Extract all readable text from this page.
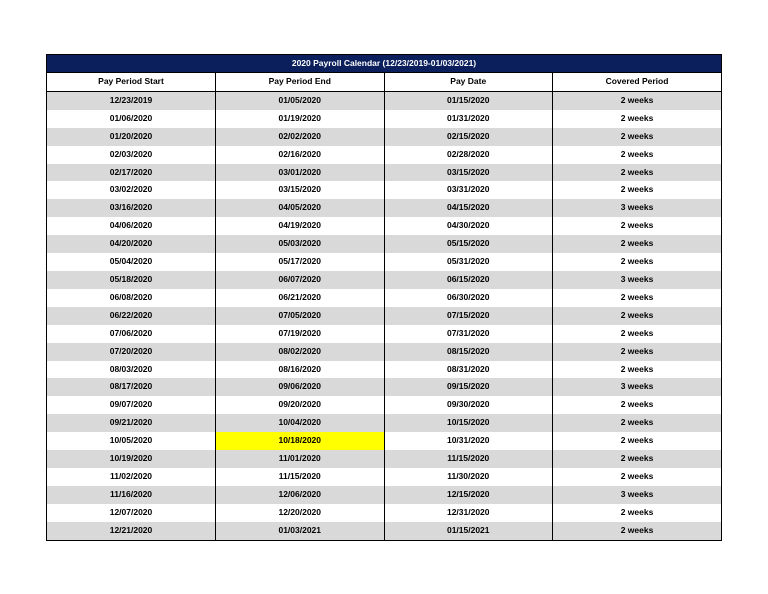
2020 Payroll Calendar (12/23/2019-01/03/2021)
Pay Period Start	Pay Period End	Pay Date	Covered Period
12/23/2019	01/05/2020	01/15/2020	2 weeks
01/06/2020	01/19/2020	01/31/2020	2 weeks
01/20/2020	02/02/2020	02/15/2020	2 weeks
02/03/2020	02/16/2020	02/28/2020	2 weeks
02/17/2020	03/01/2020	03/15/2020	2 weeks
03/02/2020	03/15/2020	03/31/2020	2 weeks
03/16/2020	04/05/2020	04/15/2020	3 weeks
04/06/2020	04/19/2020	04/30/2020	2 weeks
04/20/2020	05/03/2020	05/15/2020	2 weeks
05/04/2020	05/17/2020	05/31/2020	2 weeks
05/18/2020	06/07/2020	06/15/2020	3 weeks
06/08/2020	06/21/2020	06/30/2020	2 weeks
06/22/2020	07/05/2020	07/15/2020	2 weeks
07/06/2020	07/19/2020	07/31/2020	2 weeks
07/20/2020	08/02/2020	08/15/2020	2 weeks
08/03/2020	08/16/2020	08/31/2020	2 weeks
08/17/2020	09/06/2020	09/15/2020	3 weeks
09/07/2020	09/20/2020	09/30/2020	2 weeks
09/21/2020	10/04/2020	10/15/2020	2 weeks
10/05/2020	10/18/2020	10/31/2020	2 weeks
10/19/2020	11/01/2020	11/15/2020	2 weeks
11/02/2020	11/15/2020	11/30/2020	2 weeks
11/16/2020	12/06/2020	12/15/2020	3 weeks
12/07/2020	12/20/2020	12/31/2020	2 weeks
12/21/2020	01/03/2021	01/15/2021	2 weeks
